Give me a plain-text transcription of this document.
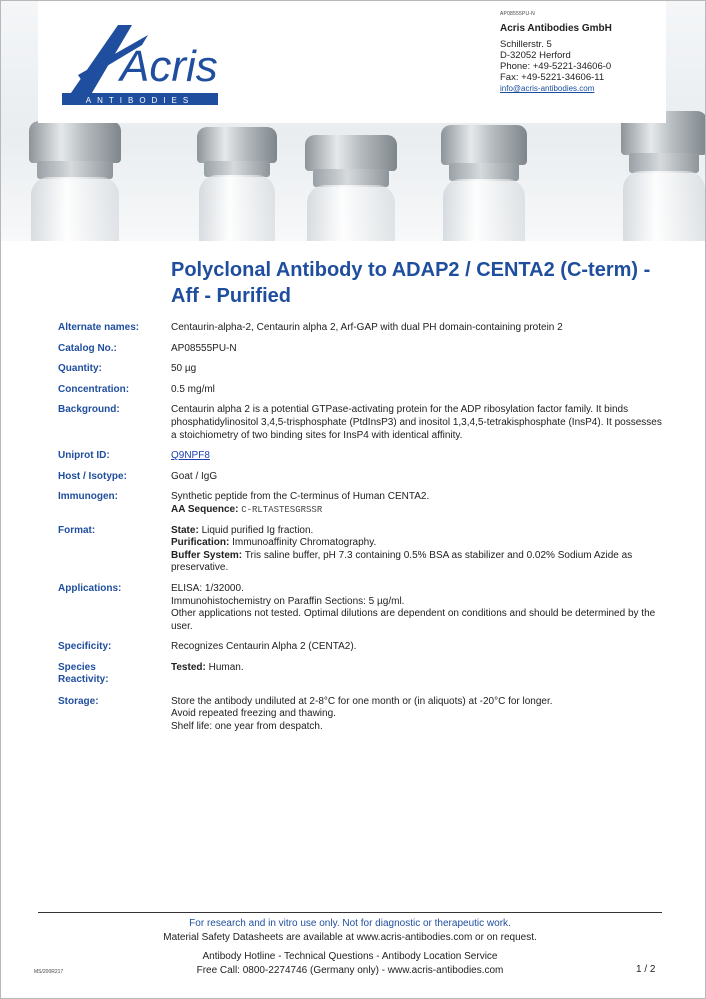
Acris
ANTIBODIES
AP08555PU-N
Acris Antibodies GmbH
Schillerstr. 5
D-32052 Herford
Phone: +49-5221-34606-0
Fax: +49-5221-34606-11
info@acris-antibodies.com
Polyclonal Antibody to ADAP2 / CENTA2 (C-term) - Aff - Purified
Alternate names:	Centaurin-alpha-2, Centaurin alpha 2, Arf-GAP with dual PH domain-containing protein 2
Catalog No.:	AP08555PU-N
Quantity:	50 µg
Concentration:	0.5 mg/ml
Background:	Centaurin alpha 2 is a potential GTPase-activating protein for the ADP ribosylation factor family. It binds phosphatidylinositol 3,4,5-trisphosphate (PtdInsP3) and inositol 1,3,4,5-tetrakisphosphate (InsP4). It possesses a stoichiometry of two binding sites for InsP4 with identical affinity.
Uniprot ID:	Q9NPF8
Host / Isotype:	Goat / IgG
Immunogen:	Synthetic peptide from the C-terminus of Human CENTA2.
AA Sequence: C-RLTASTESGRSSR
Format:	State: Liquid purified Ig fraction.
Purification: Immunoaffinity Chromatography.
Buffer System: Tris saline buffer, pH 7.3 containing 0.5% BSA as stabilizer and 0.02% Sodium Azide as preservative.
Applications:	ELISA: 1/32000.
Immunohistochemistry on Paraffin Sections: 5 µg/ml.
Other applications not tested. Optimal dilutions are dependent on conditions and should be determined by the user.
Specificity:	Recognizes Centaurin Alpha 2 (CENTA2).
Species
Reactivity:
Tested: Human.
Storage:	Store the antibody undiluted at 2-8°C for one month or (in aliquots) at -20°C for longer.
Avoid repeated freezing and thawing.
Shelf life: one year from despatch.
For research and in vitro use only. Not for diagnostic or therapeutic work.
Material Safety Datasheets are available at www.acris-antibodies.com or on request.
Antibody Hotline - Technical Questions - Antibody Location Service
Free Call: 0800-2274746 (Germany only) - www.acris-antibodies.com
MS/200R217	1 / 2
